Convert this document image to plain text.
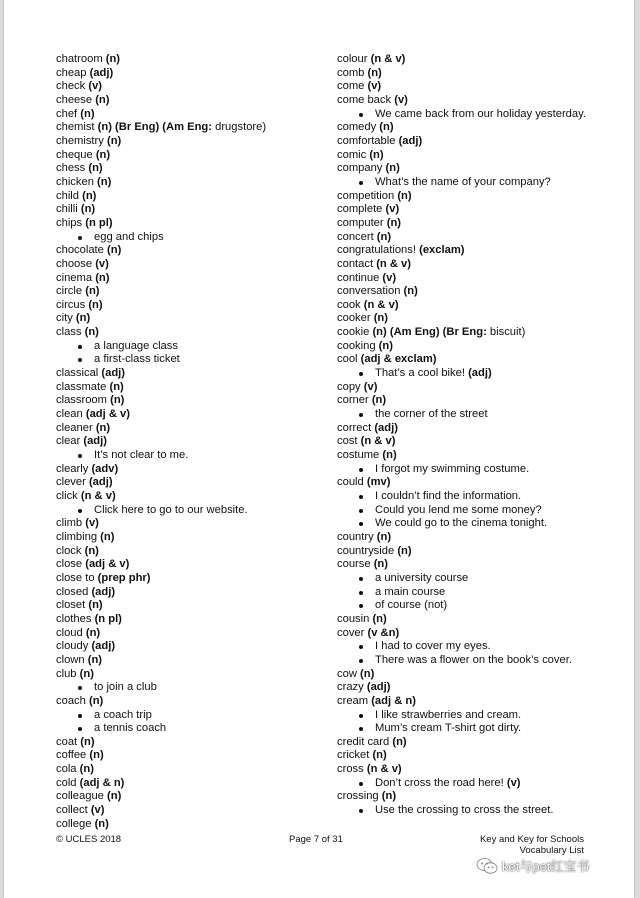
chatroom (n)
cheap (adj)
check (v)
cheese (n)
chef (n)
chemist (n) (Br Eng) (Am Eng: drugstore)
chemistry (n)
cheque (n)
chess (n)
chicken (n)
child (n)
chilli (n)
chips (n pl)
egg and chips
chocolate (n)
choose (v)
cinema (n)
circle (n)
circus (n)
city (n)
class (n)
a language class
a first-class ticket
classical (adj)
classmate (n)
classroom (n)
clean (adj & v)
cleaner (n)
clear (adj)
It’s not clear to me.
clearly (adv)
clever (adj)
click (n & v)
Click here to go to our website.
climb (v)
climbing (n)
clock (n)
close (adj & v)
close to (prep phr)
closed (adj)
closet (n)
clothes (n pl)
cloud (n)
cloudy (adj)
clown (n)
club (n)
to join a club
coach (n)
a coach trip
a tennis coach
coat (n)
coffee (n)
cola (n)
cold (adj & n)
colleague (n)
collect (v)
college (n)
colour (n & v)
comb (n)
come (v)
come back (v)
We came back from our holiday yesterday.
comedy (n)
comfortable (adj)
comic (n)
company (n)
What’s the name of your company?
competition (n)
complete (v)
computer (n)
concert (n)
congratulations! (exclam)
contact (n & v)
continue (v)
conversation (n)
cook (n & v)
cooker (n)
cookie (n) (Am Eng) (Br Eng: biscuit)
cooking (n)
cool (adj & exclam)
That’s a cool bike! (adj)
copy (v)
corner (n)
the corner of the street
correct (adj)
cost (n & v)
costume (n)
I forgot my swimming costume.
could (mv)
I couldn’t find the information.
Could you lend me some money?
We could go to the cinema tonight.
country (n)
countryside (n)
course (n)
a university course
a main course
of course (not)
cousin (n)
cover (v &n)
I had to cover my eyes.
There was a flower on the book’s cover.
cow (n)
crazy (adj)
cream (adj & n)
I like strawberries and cream.
Mum’s cream T-shirt got dirty.
credit card (n)
cricket (n)
cross (n & v)
Don’t cross the road here! (v)
crossing (n)
Use the crossing to cross the street.
© UCLES 2018	Page 7 of 31	Key and Key for Schools
Vocabulary List
ket与pet红宝书
